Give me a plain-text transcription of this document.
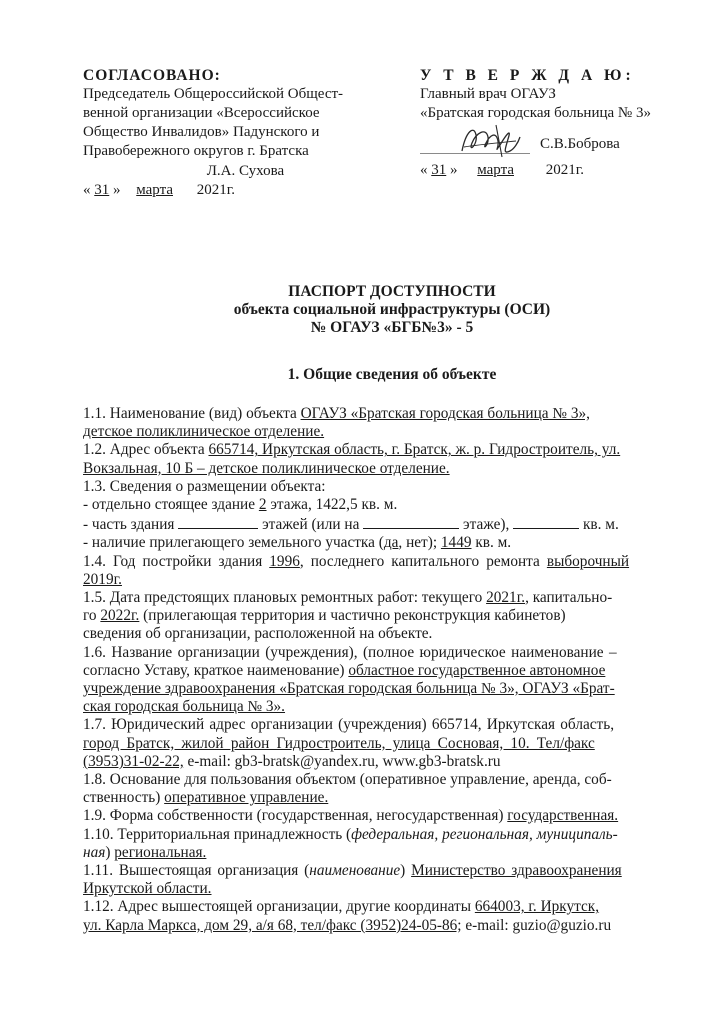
СОГЛАСОВАНО:
Председатель Общероссийской Общест-
венной организации «Всероссийское
Общество Инвалидов» Падунского и
Правобережного округов г. Братска
Л.А. Сухова
« 31 » марта 2021г.
У Т В Е Р Ж Д А Ю:
Главный врач ОГАУЗ
«Братская городская больница № 3»
С.В.Боброва
« 31 » марта 2021г.
ПАСПОРТ ДОСТУПНОСТИ
объекта социальной инфраструктуры (ОСИ)
№ ОГАУЗ «БГБ№3» - 5
1. Общие сведения об объекте

1.1. Наименование (вид) объекта ОГАУЗ «Братская городская больница № 3»,

детское поликлиническое отделение.

1.2. Адрес объекта 665714, Иркутская область, г. Братск, ж. р. Гидростроитель, ул.

Вокзальная, 10 Б – детское поликлиническое отделение.

1.3. Сведения о размещении объекта:

- отдельно стоящее здание 2 этажа, 1422,5 кв. м.

- часть здания	этажей (или на	этаже),	кв. м.

- наличие прилегающего земельного участка (да, нет); 1449 кв. м.

1.4. Год постройки здания 1996, последнего капитального ремонта выборочный

2019г.

1.5. Дата предстоящих плановых ремонтных работ: текущего 2021г., капитально-

го 2022г. (прилегающая территория и частично реконструкция кабинетов)

сведения об организации, расположенной на объекте.

1.6. Название организации (учреждения), (полное юридическое наименование –

согласно Уставу, краткое наименование) областное государственное автономное

учреждение здравоохранения «Братская городская больница № 3», ОГАУЗ «Брат-

ская городская больница № 3».

1.7. Юридический адрес организации (учреждения) 665714, Иркутская область,

город Братск, жилой район Гидростроитель, улица Сосновая, 10. Тел/факс

(3953)31-02-22, e-mail: gb3-bratsk@yandex.ru, www.gb3-bratsk.ru

1.8. Основание для пользования объектом (оперативное управление, аренда, соб-

ственность) оперативное управление.

1.9. Форма собственности (государственная, негосударственная) государственная.

1.10. Территориальная принадлежность (федеральная, региональная, муниципаль-

ная) региональная.

1.11. Вышестоящая организация (наименование) Министерство здравоохранения

Иркутской области.

1.12. Адрес вышестоящей организации, другие координаты 664003, г. Иркутск,

ул. Карла Маркса, дом 29, а/я 68, тел/факс (3952)24-05-86; e-mail: guzio@guzio.ru
